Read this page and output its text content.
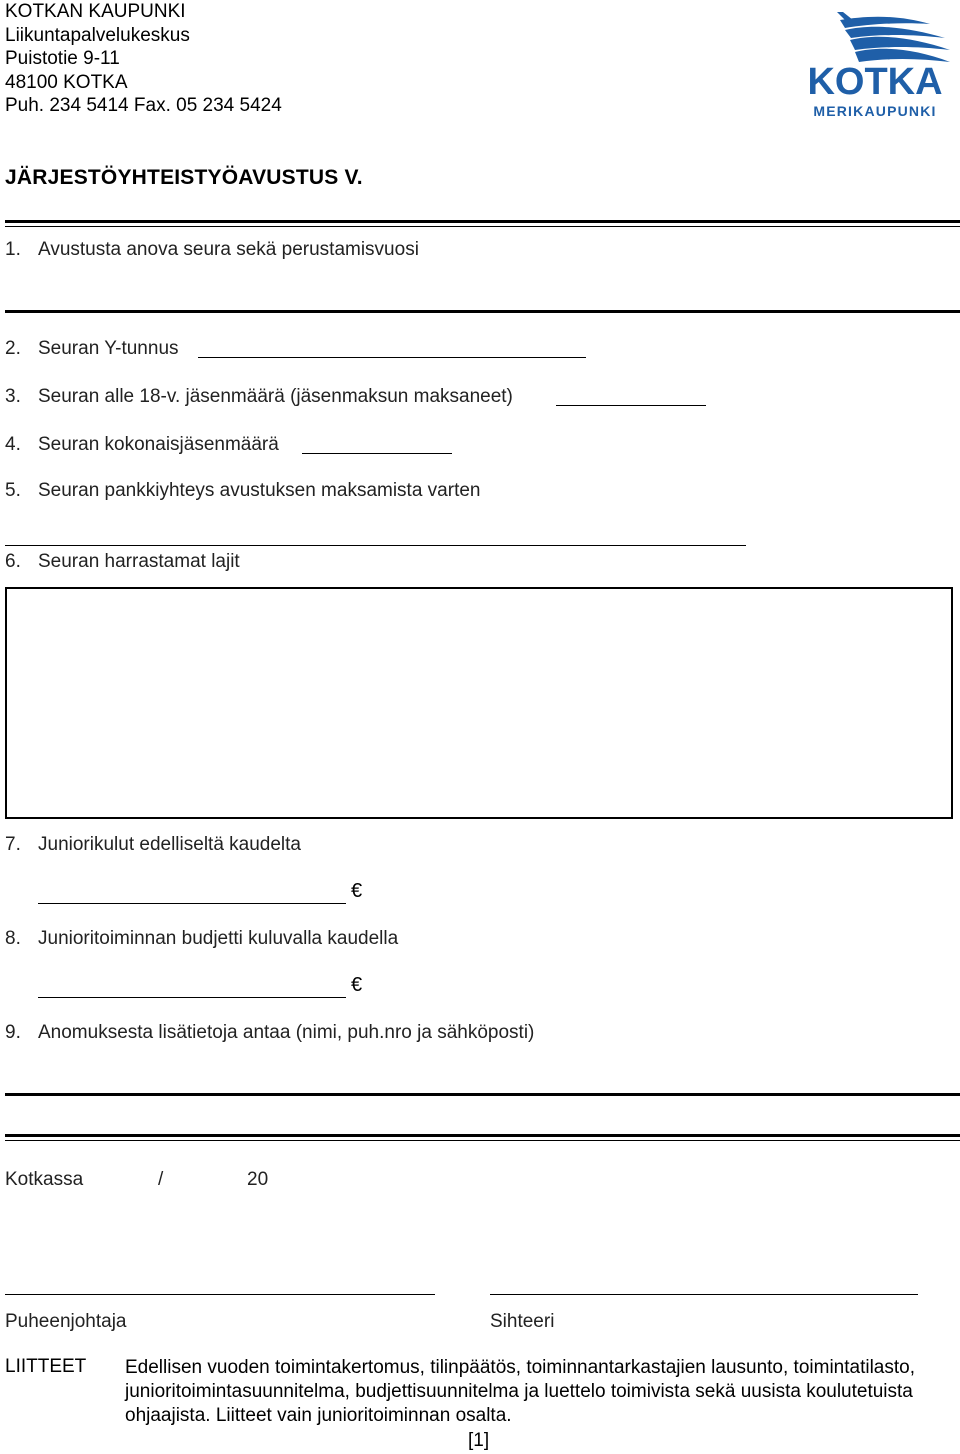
KOTKAN KAUPUNKI
Liikuntapalvelukeskus
Puistotie 9-11
48100 KOTKA
Puh. 234 5414 Fax. 05 234 5424
KOTKA
MERIKAUPUNKI
JÄRJESTÖYHTEISTYÖAVUSTUS V.
1. Avustusta anova seura sekä perustamisvuosi
2. Seuran Y-tunnus
3. Seuran alle 18-v. jäsenmäärä (jäsenmaksun maksaneet)
4. Seuran kokonaisjäsenmäärä
5. Seuran pankkiyhteys avustuksen maksamista varten
6. Seuran harrastamat lajit
7. Juniorikulut edelliseltä kaudelta
€
8. Junioritoiminnan budjetti kuluvalla kaudella
€
9. Anomuksesta lisätietoja antaa (nimi, puh.nro ja sähköposti)
Kotkassa	/	20
Puheenjohtaja	Sihteeri
LIITTEET Edellisen vuoden toimintakertomus, tilinpäätös, toiminnantarkastajien lausunto, toimintatilasto, junioritoimintasuunnitelma, budjettisuunnitelma ja luettelo toimivista sekä uusista koulutetuista ohjaajista. Liitteet vain junioritoiminnan osalta.
[1]
